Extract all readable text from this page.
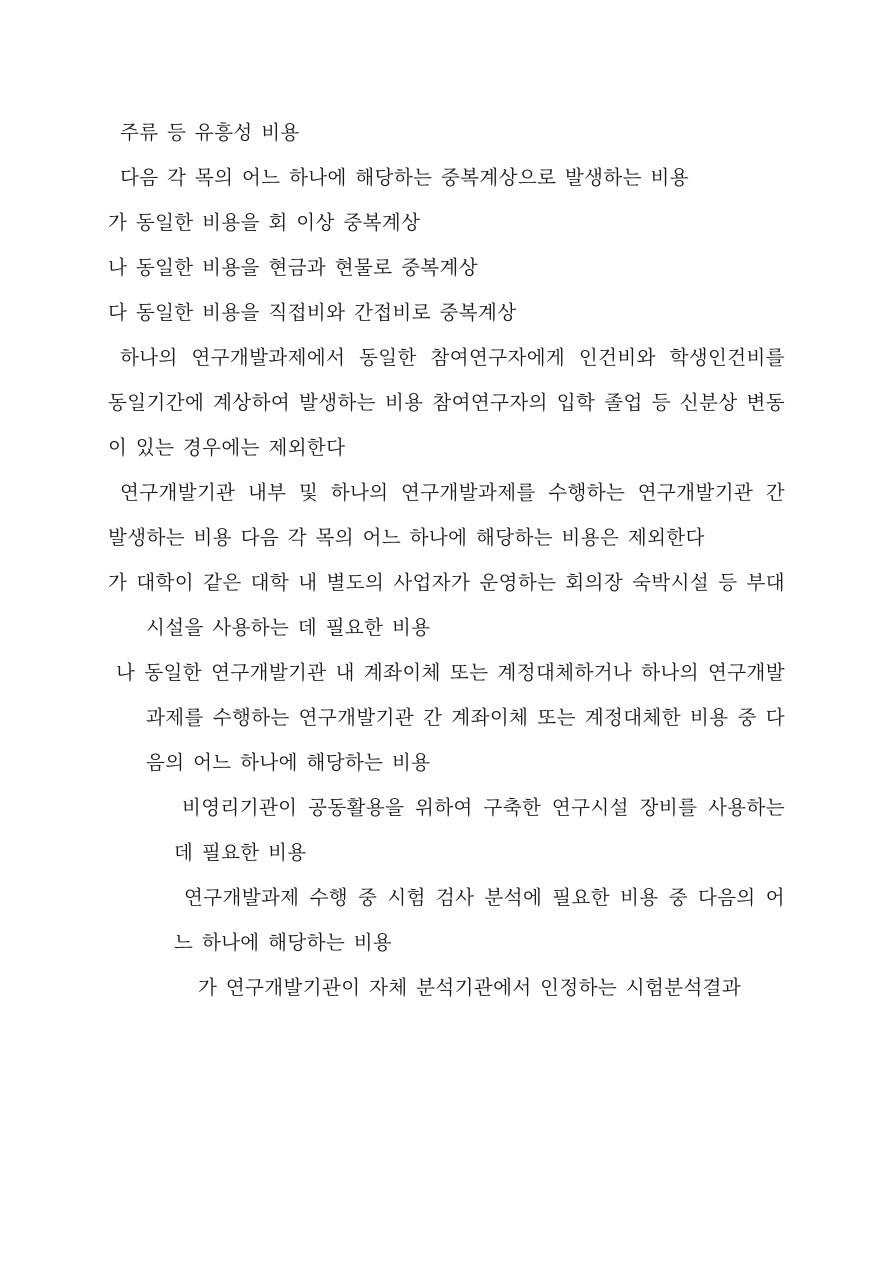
주류 등 유흥성 비용

다음 각 목의 어느 하나에 해당하는 중복계상으로 발생하는 비용

가 동일한 비용을 회 이상 중복계상

나 동일한 비용을 현금과 현물로 중복계상

다 동일한 비용을 직접비와 간접비로 중복계상

하나의 연구개발과제에서 동일한 참여연구자에게 인건비와 학생인건비를 동일기간에 계상하여 발생하는 비용 참여연구자의 입학 졸업 등 신분상 변동이 있는 경우에는 제외한다

연구개발기관 내부 및 하나의 연구개발과제를 수행하는 연구개발기관 간 발생하는 비용 다음 각 목의 어느 하나에 해당하는 비용은 제외한다

가 대학이 같은 대학 내 별도의 사업자가 운영하는 회의장 숙박시설 등 부대시설을 사용하는 데 필요한 비용

나 동일한 연구개발기관 내 계좌이체 또는 계정대체하거나 하나의 연구개발과제를 수행하는 연구개발기관 간 계좌이체 또는 계정대체한 비용 중 다음의 어느 하나에 해당하는 비용

비영리기관이 공동활용을 위하여 구축한 연구시설 장비를 사용하는 데 필요한 비용

연구개발과제 수행 중 시험 검사 분석에 필요한 비용 중 다음의 어느 하나에 해당하는 비용

가 연구개발기관이 자체 분석기관에서 인정하는 시험분석결과
